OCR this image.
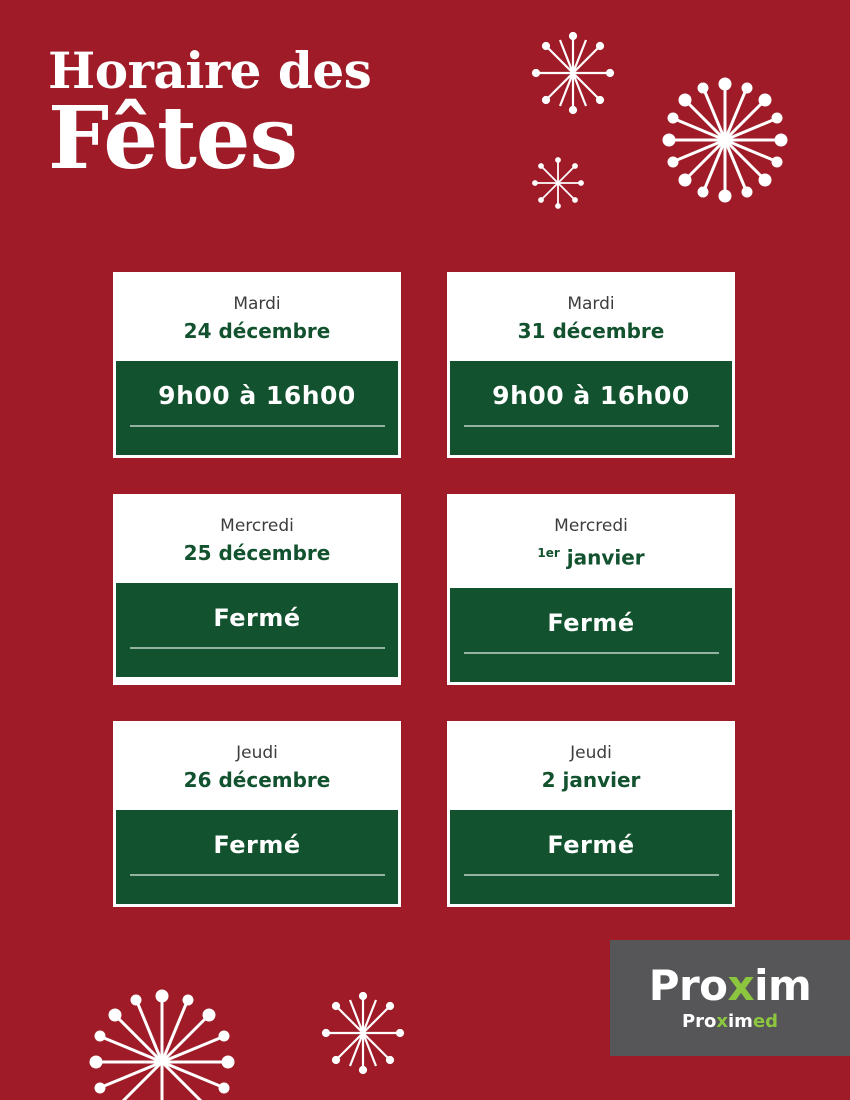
Horaire des
Fêtes
Mardi
24 décembre
9h00 à 16h00
Mardi
31 décembre
9h00 à 16h00
Mercredi
25 décembre
Fermé
Mercredi
$^{1er}$ janvier
Fermé
Jeudi
26 décembre
Fermé
Jeudi
2 janvier
Fermé
Proxim
Proximed
